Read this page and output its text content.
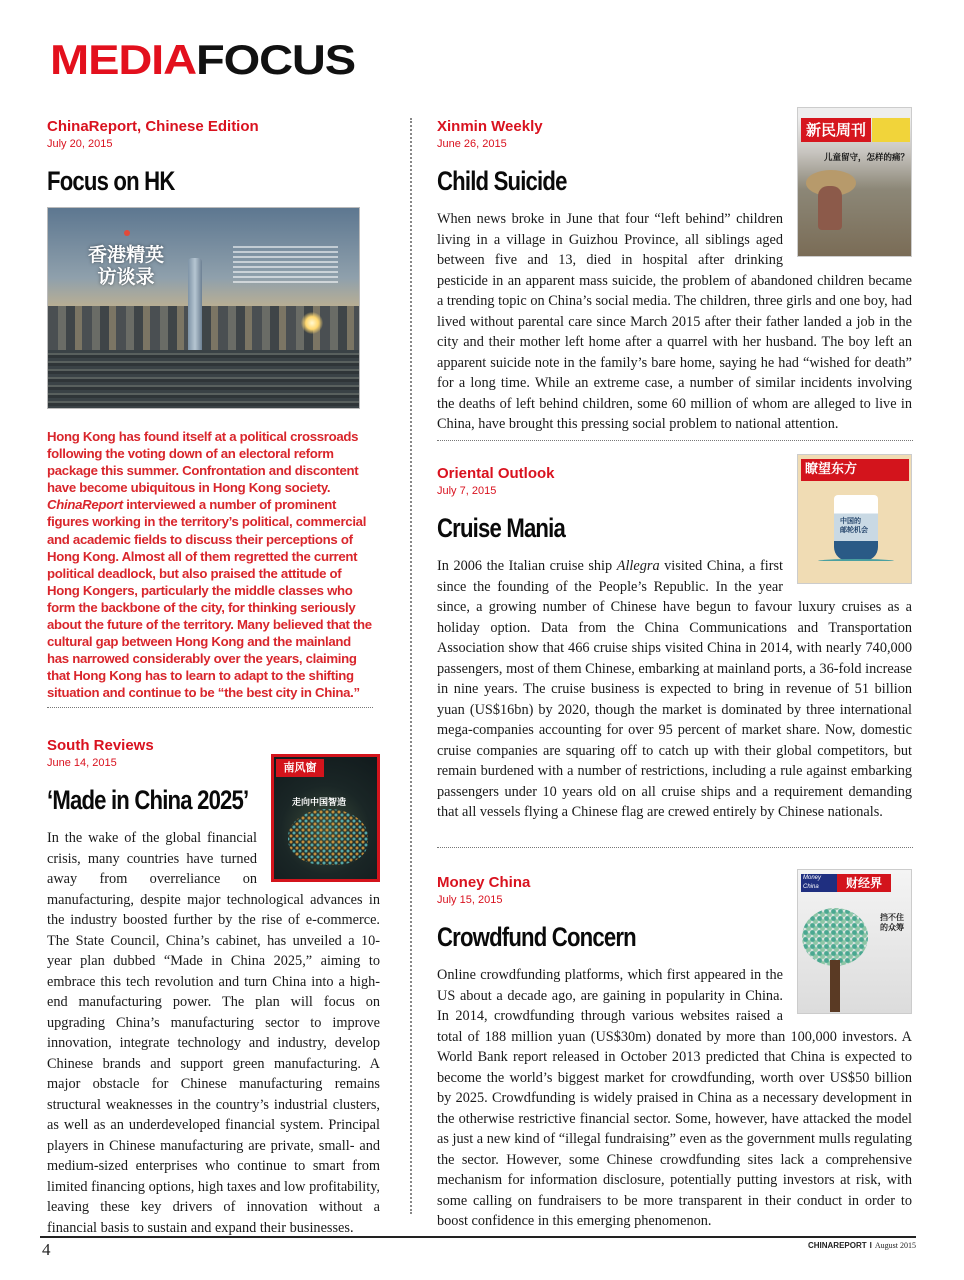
MEDIAFOCUS
ChinaReport, Chinese Edition
July 20, 2015
Focus on HK
香港精英
访谈录

Hong Kong has found itself at a political crossroads following the voting down of an electoral reform package this summer. Confrontation and discontent have become ubiquitous in Hong Kong society. ChinaReport interviewed a number of prominent figures working in the territory’s political, commercial and academic fields to discuss their perceptions of Hong Kong. Almost all of them regretted the current political deadlock, but also praised the attitude of Hong Kongers, particularly the middle classes who form the backbone of the city, for thinking seriously about the future of the territory. Many believed that the cultural gap between Hong Kong and the mainland has narrowed considerably over the years, claiming that Hong Kong has to learn to adapt to the shifting situation and continue to be “the best city in China.”

South Reviews
June 14, 2015
‘Made in China 2025’
南风窗
走向中国智造
In the wake of the global financial crisis, many countries have turned away from overreliance on manufacturing, despite major technological advances in the industry boosted further by the rise of e-commerce. The State Council, China’s cabinet, has unveiled a 10-year plan dubbed “Made in China 2025,” aiming to embrace this tech revolution and turn China into a high-end manufacturing power. The plan will focus on upgrading China’s manufacturing sector to improve innovation, integrate technology and industry, develop Chinese brands and support green manufacturing. A major obstacle for Chinese manufacturing remains structural weaknesses in the country’s industrial clusters, as well as an underdeveloped financial system. Principal players in Chinese manufacturing are private, small- and medium-sized enterprises who continue to smart from limited financing options, high taxes and low profitability, leaving these key drivers of innovation without a financial basis to sustain and expand their businesses.
Xinmin Weekly
June 26, 2015
Child Suicide
新民周刊
儿童留守，怎样的痛？
When news broke in June that four “left behind” children living in a village in Guizhou Province, all siblings aged between five and 13, died in hospital after drinking pesticide in an apparent mass suicide, the problem of abandoned children became a trending topic on China’s social media. The children, three girls and one boy, had lived without parental care since March 2015 after their father landed a job in the city and their mother left home after a quarrel with her husband. The boy left an apparent suicide note in the family’s bare home, saying he had “wished for death” for a long time. While an extreme case, a number of similar incidents involving the deaths of left behind children, some 60 million of whom are alleged to live in China, have brought this pressing social problem to national attention.
Oriental Outlook
July 7, 2015
Cruise Mania
瞭望东方
中国的
邮轮机会
In 2006 the Italian cruise ship Allegra visited China, a first since the founding of the People’s Republic. In the year since, a growing number of Chinese have begun to favour luxury cruises as a holiday option. Data from the China Communications and Transportation Association show that 466 cruise ships visited China in 2014, with nearly 740,000 passengers, most of them Chinese, embarking at mainland ports, a 36-fold increase in nine years. The cruise business is expected to bring in revenue of 51 billion yuan (US$16bn) by 2020, though the market is dominated by three international mega-companies accounting for over 95 percent of market share. Now, domestic cruise companies are squaring off to catch up with their global competitors, but remain burdened with a number of restrictions, including a rule against embarking passengers under 10 years old on all cruise ships and a requirement demanding that all vessels flying a Chinese flag are crewed entirely by Chinese nationals.
Money China
July 15, 2015
Crowdfund Concern
Money China	财经界
挡不住
的众筹
Online crowdfunding platforms, which first appeared in the US about a decade ago, are gaining in popularity in China. In 2014, crowdfunding through various websites raised a total of 188 million yuan (US$30m) donated by more than 100,000 investors. A World Bank report released in October 2013 predicted that China is expected to become the world’s biggest market for crowdfunding, worth over US$50 billion by 2025. Crowdfunding is widely praised in China as a necessary development in the otherwise restrictive financial sector. Some, however, have attacked the model as just a new kind of “illegal fundraising” even as the government mulls regulating the sector. However, some Chinese crowdfunding sites lack a comprehensive mechanism for information disclosure, potentially putting investors at risk, with some calling on fundraisers to be more transparent in their conduct in order to boost confidence in this emerging phenomenon.
4	CHINAREPORT I August 2015
